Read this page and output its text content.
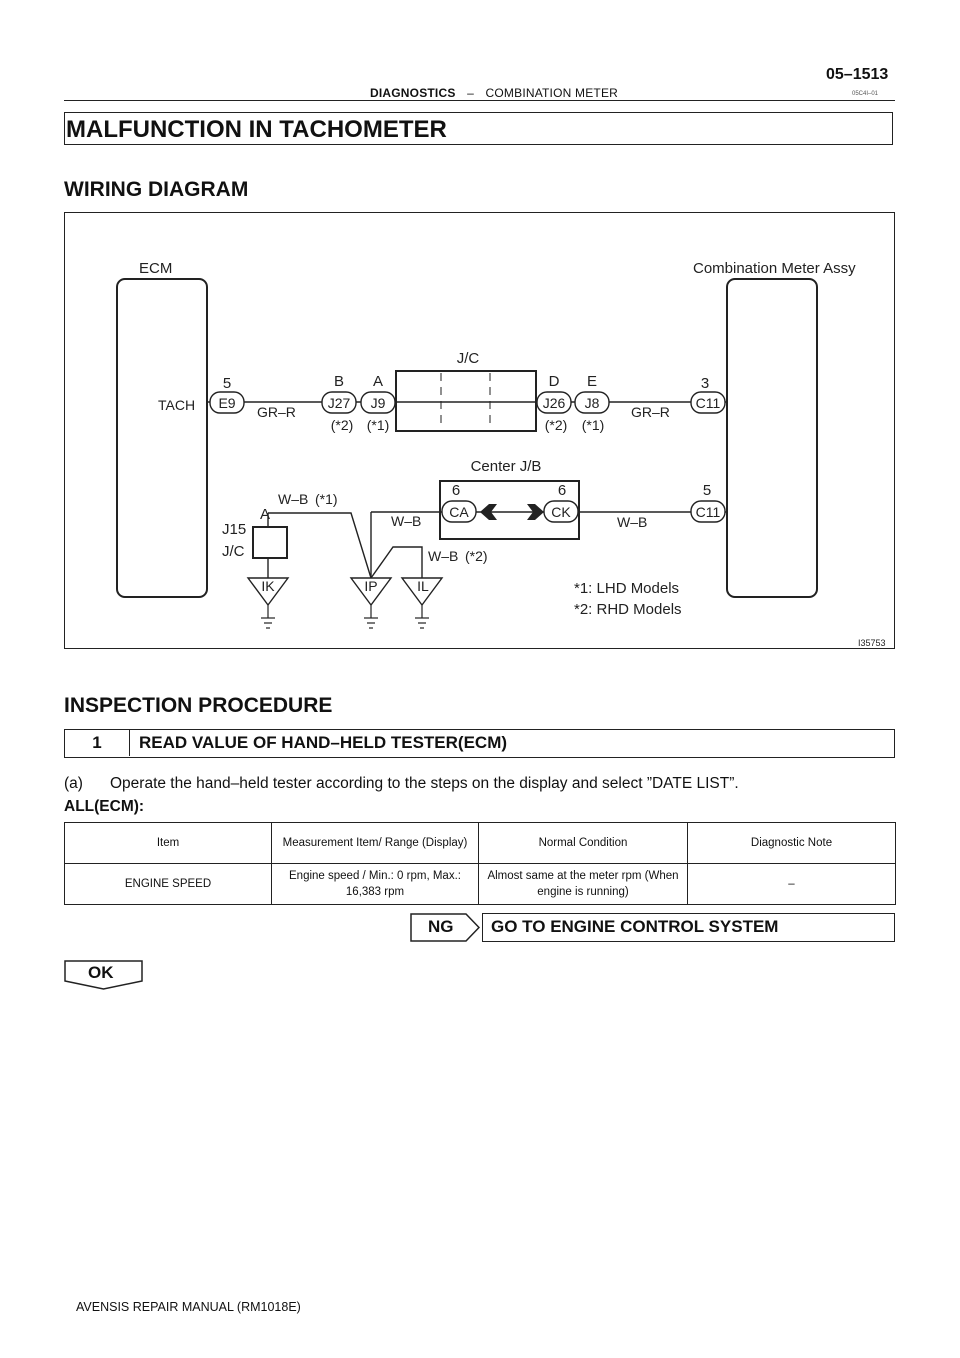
05–1513
DIAGNOSTICS – COMBINATION METER	05C4I–01
MALFUNCTION IN TACHOMETER
WIRING DIAGRAM
ECM	Combination Meter Assy
TACH E9
5
GR–R
J27
B
(*2)
J9
A
(*1)
J/C
J26
D
(*2)
J8
E
(*1)
GR–R
C11
3
Center J/B
CA
6
CK
6
W–B
C11
5
W–B
W–B (*1)
W–B (*2)
A
J15
J/C
IK	IP	IL	*1: LHD Models
*2: RHD Models
I35753
INSPECTION PROCEDURE
1	READ VALUE OF HAND–HELD TESTER(ECM)
(a) Operate the hand–held tester according to the steps on the display and select ”DATE LIST”.
ALL(ECM):
Item	Measurement Item/ Range (Display)	Normal Condition	Diagnostic Note
ENGINE SPEED	Engine speed / Min.: 0 rpm, Max.: 16,383 rpm	Almost same at the meter rpm (When engine is running)	–
NG	GO TO ENGINE CONTROL SYSTEM
OK
AVENSIS REPAIR MANUAL (RM1018E)
